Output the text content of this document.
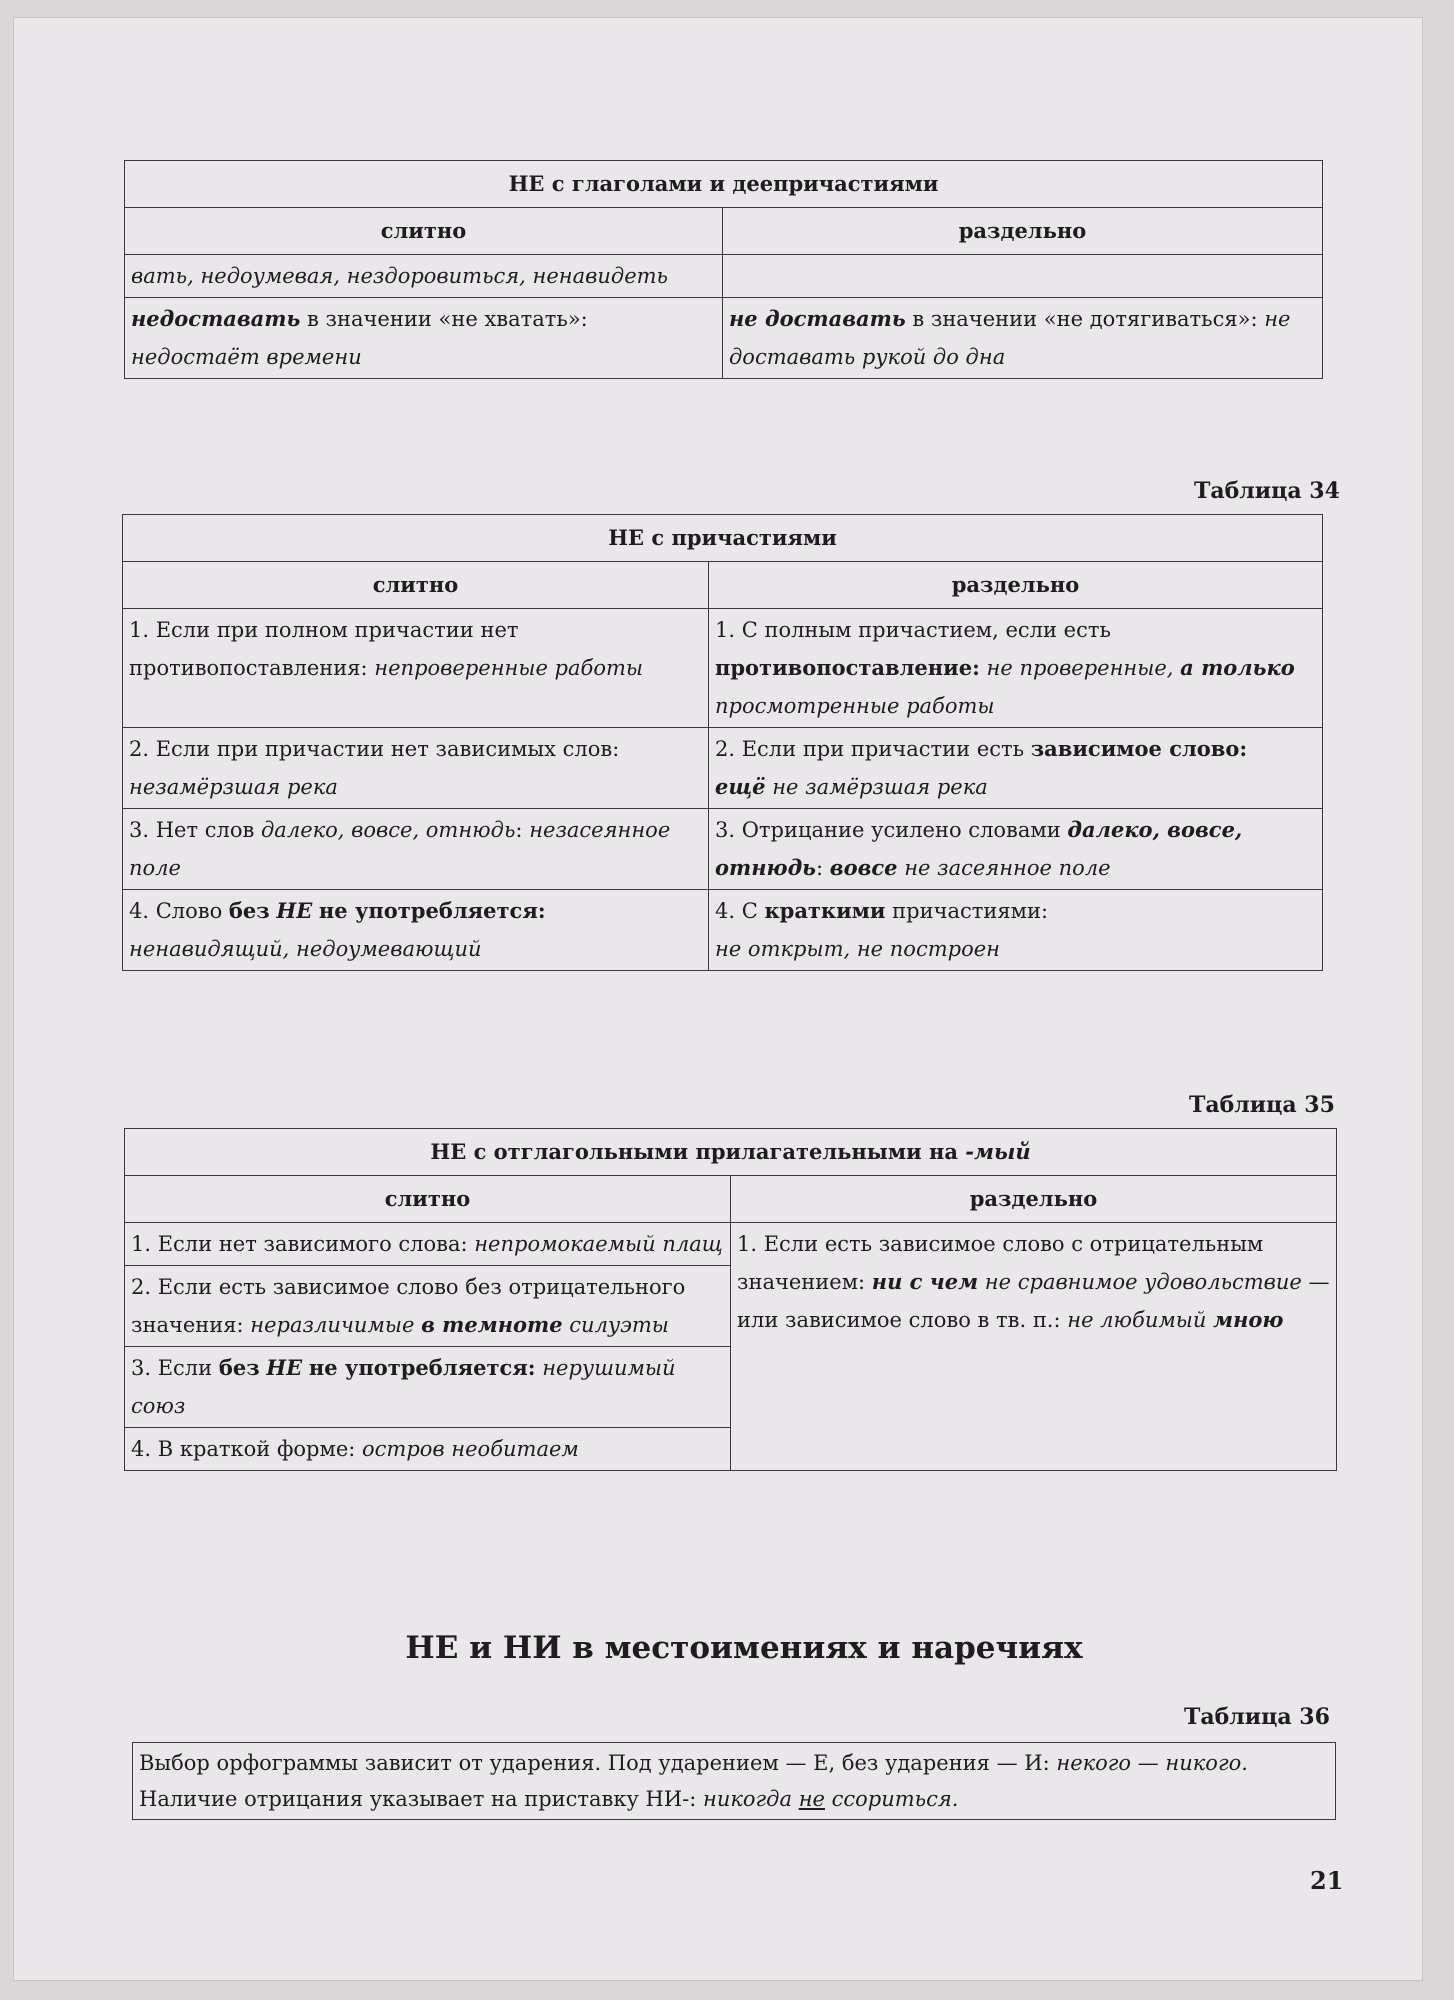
НЕ с глаголами и деепричастиями	
слитно	раздельно
вать, недоумевая, нездоровиться, ненавидеть	
недоставать в значении «не хватать»: недостаёт времени	не доставать в значении «не дотягиваться»: не доставать рукой до дна
Таблица 34
НЕ с причастиями	
слитно	раздельно
1. Если при полном причастии нет противопоставления: непроверенные работы	1. С полным причастием, если есть противопоставление: не проверенные, а только просмотренные работы
2. Если при причастии нет зависимых слов: незамёрзшая река	2. Если при причастии есть зависимое слово:
ещё не замёрзшая река
3. Нет слов далеко, вовсе, отнюдь: незасеянное поле	3. Отрицание усилено словами далеко, вовсе, отнюдь: вовсе не засеянное поле
4. Слово без НЕ не употребляется: ненавидящий, недоумевающий	4. С краткими причастиями:
не открыт, не построен
Таблица 35
НЕ с отглагольными прилагательными на -мый	
слитно	раздельно
1. Если нет зависимого слова: непромокаемый плащ	1. Если есть зависимое слово с отрицательным значением: ни с чем не сравнимое удовольствие — или зависимое слово в тв. п.: не любимый мною
2. Если есть зависимое слово без отрицательного значения: неразличимые в темноте силуэты	
3. Если без НЕ не употребляется: нерушимый союз	
4. В краткой форме: остров необитаем	
НЕ и НИ в местоимениях и наречиях
Таблица 36
Выбор орфограммы зависит от ударения. Под ударением — Е, без ударения — И: некого — никого. Наличие отрицания указывает на приставку НИ-: никогда не ссориться.
21
